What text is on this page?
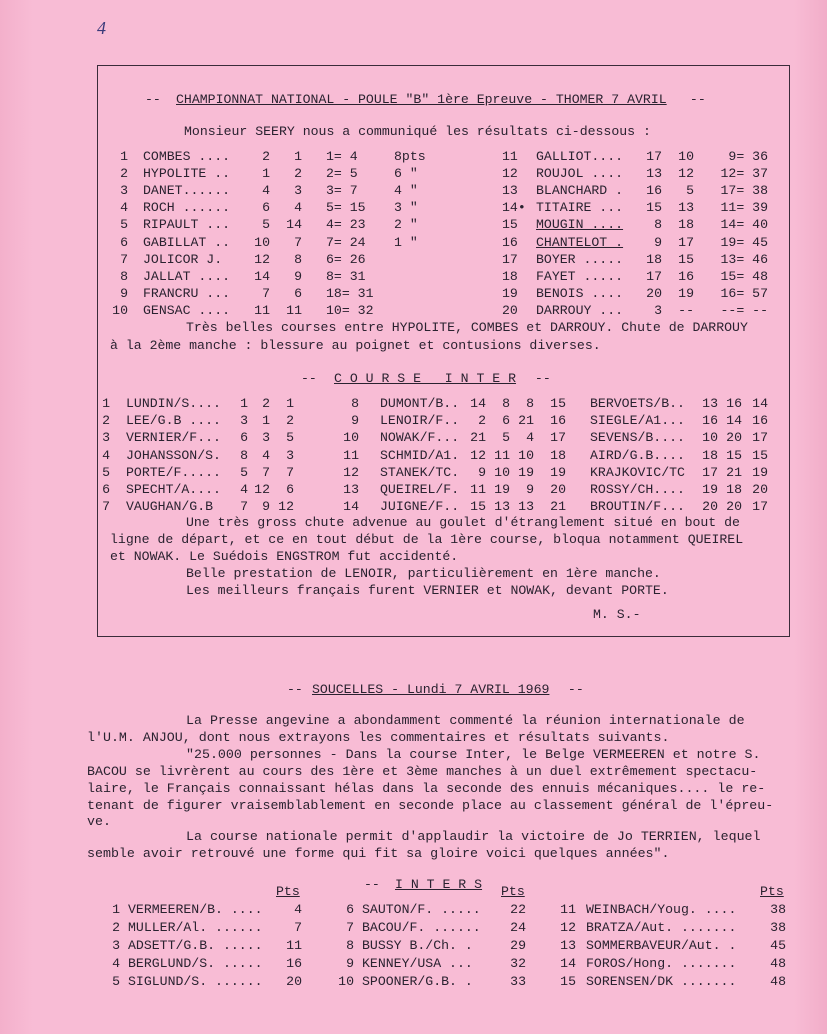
4
-- CHAMPIONNAT NATIONAL - POULE "B" 1ère Epreuve - THOMER 7 AVRIL --
Monsieur SEERY nous a communiqué les résultats ci-dessous :
1 COMBES ....	2	1 1= 4	8pts
2 HYPOLITE ..	1	2 2= 5	6 "
3 DANET......	4	3 3= 7	4 "
4 ROCH ......	6	4 5= 15 3 "
5 RIPAULT ...	5	14 4= 23 2 "
6 GABILLAT ..	10	7 7= 24 1 "
7 JOLICOR J.	12	8 6= 26
8 JALLAT ....	14	9 8= 31
9 FRANCRU ...	7	6 18= 31
10 GENSAC ....	11	11 10= 32
11 GALLIOT....	17	10	9= 36
12 ROUJOL ....	13	12	12= 37
13 BLANCHARD .	16	5	17= 38
14• TITAIRE ...	15	13	11= 39
15 MOUGIN ....	8	18	14= 40
16 CHANTELOT .	9	17	19= 45
17 BOYER .....	18	15	13= 46
18 FAYET .....	17	16	15= 48
19 BENOIS ....	20	19	16= 57
20 DARROUY ...	3	--	--= --
Très belles courses entre HYPOLITE, COMBES et DARROUY. Chute de DARROUY
à la 2ème manche : blessure au poignet et contusions diverses.
-- C O U R S E   I N T E R --
1 LUNDIN/S....	1	2	1
2 LEE/G.B ....	3	1	2
3 VERNIER/F...	6	3	5
4 JOHANSSON/S.	8	4	3
5 PORTE/F.....	5	7	7
6 SPECHT/A....	4 12	6
7 VAUGHAN/G.B	7	9 12
8 DUMONT/B.. 14	8	8
9 LENOIR/F..	2	6 21
10 NOWAK/F... 21	5	4
11 SCHMID/A1. 12 11 10
12 STANEK/TC.	9 10 19
13 QUEIREL/F. 11 19	9
14 JUIGNE/F.. 15 13 13
15 BERVOETS/B..	13 16 14
16 SIEGLE/A1...	16 14 16
17 SEVENS/B....	10 20 17
18 AIRD/G.B....	18 15 15
19 KRAJKOVIC/TC	17 21 19
20 ROSSY/CH....	19 18 20
21 BROUTIN/F...	20 20 17
Une très gross chute advenue au goulet d'étranglement situé en bout de
ligne de départ, et ce en tout début de la 1ère course, bloqua notamment QUEIREL
et NOWAK. Le Suédois ENGSTROM fut accidenté.
Belle prestation de LENOIR, particulièrement en 1ère manche.
Les meilleurs français furent VERNIER et NOWAK, devant PORTE.
M. S.-
-- SOUCELLES - Lundi 7 AVRIL 1969 --
La Presse angevine a abondamment commenté la réunion internationale de
l'U.M. ANJOU, dont nous extrayons les commentaires et résultats suivants.
"25.000 personnes - Dans la course Inter, le Belge VERMEEREN et notre S.
BACOU se livrèrent au cours des 1ère et 3ème manches à un duel extrêmement spectacu-
laire, le Français connaissant hélas dans la seconde des ennuis mécaniques.... le re-
tenant de figurer vraisemblablement en seconde place au classement général de l'épreu-
ve.
La course nationale permit d'applaudir la victoire de Jo TERRIEN, lequel
semble avoir retrouvé une forme qui fit sa gloire voici quelques années".
-- I N T E R S
Pts
1 VERMEEREN/B. ....	4
2 MULLER/Al. ......	7
3 ADSETT/G.B. .....	11
4 BERGLUND/S. .....	16
5 SIGLUND/S. ......	20
Pts
6 SAUTON/F. .....	22
7 BACOU/F. ......	24
8 BUSSY B./Ch. .	29
9 KENNEY/USA ...	32
10 SPOONER/G.B. .	33
Pts
11 WEINBACH/Youg. ....	38
12 BRATZA/Aut. .......	38
13 SOMMERBAVEUR/Aut. .	45
14 FOROS/Hong. .......	48
15 SORENSEN/DK .......	48
